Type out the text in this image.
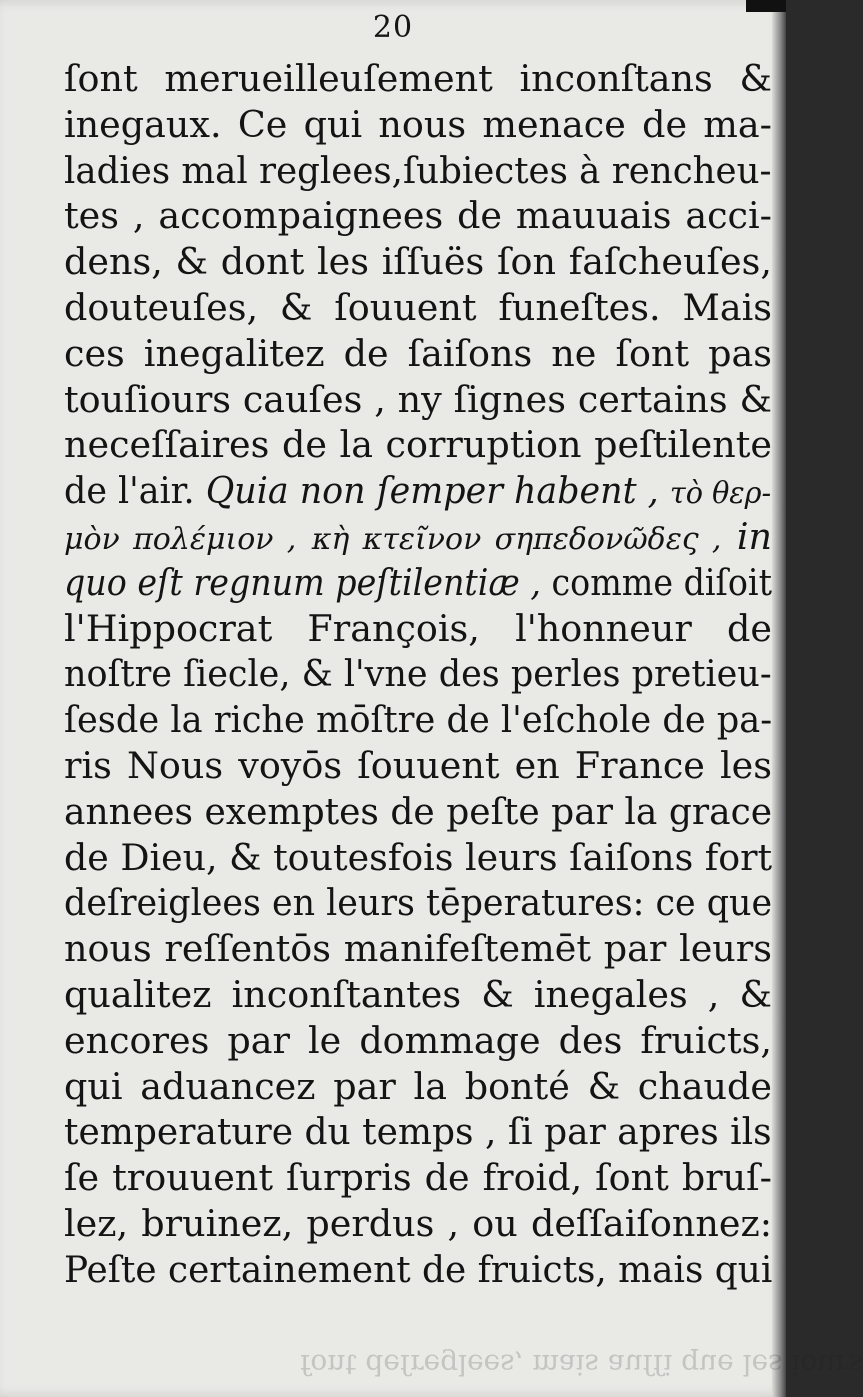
20
ſont merueilleuſement inconſtans &
inegaux. Ce qui nous menace de ma-
ladies mal reglees,ſubiectes à rencheu-
tes , accompaignees de mauuais acci-
dens, & dont les iſſuës ſon faſcheuſes,
douteuſes, & ſouuent funeſtes. Mais
ces inegalitez de ſaiſons ne ſont pas
touſiours cauſes , ny ſignes certains &
neceſſaires de la corruption peſtilente
de l'air. Quia non ſemper habent , τὸ θερ-
μὸν πολέμιον , κὴ κτεῖνον σηπεδονῶδες , in
quo eſt regnum peſtilentiæ , comme diſoit
l'Hippocrat François, l'honneur de
noſtre ſiecle, & l'vne des perles pretieu-
ſesde la riche mōſtre de l'eſchole de pa-
ris Nous voyōs ſouuent en France les
annees exemptes de peſte par la grace
de Dieu, & toutesfois leurs ſaiſons fort
deſreiglees en leurs tēperatures: ce que
nous reſſentōs manifeſtemēt par leurs
qualitez inconſtantes & inegales , &
encores par le dommage des fruicts,
qui aduancez par la bonté & chaude
temperature du temps , ſi par apres ils
ſe trouuent ſurpris de froid, ſont bruſ-
lez, bruinez, perdus , ou deſſaiſonnez:
Peſte certainement de fruicts, mais qui
font deſreglees, mais auſſi que les iours
